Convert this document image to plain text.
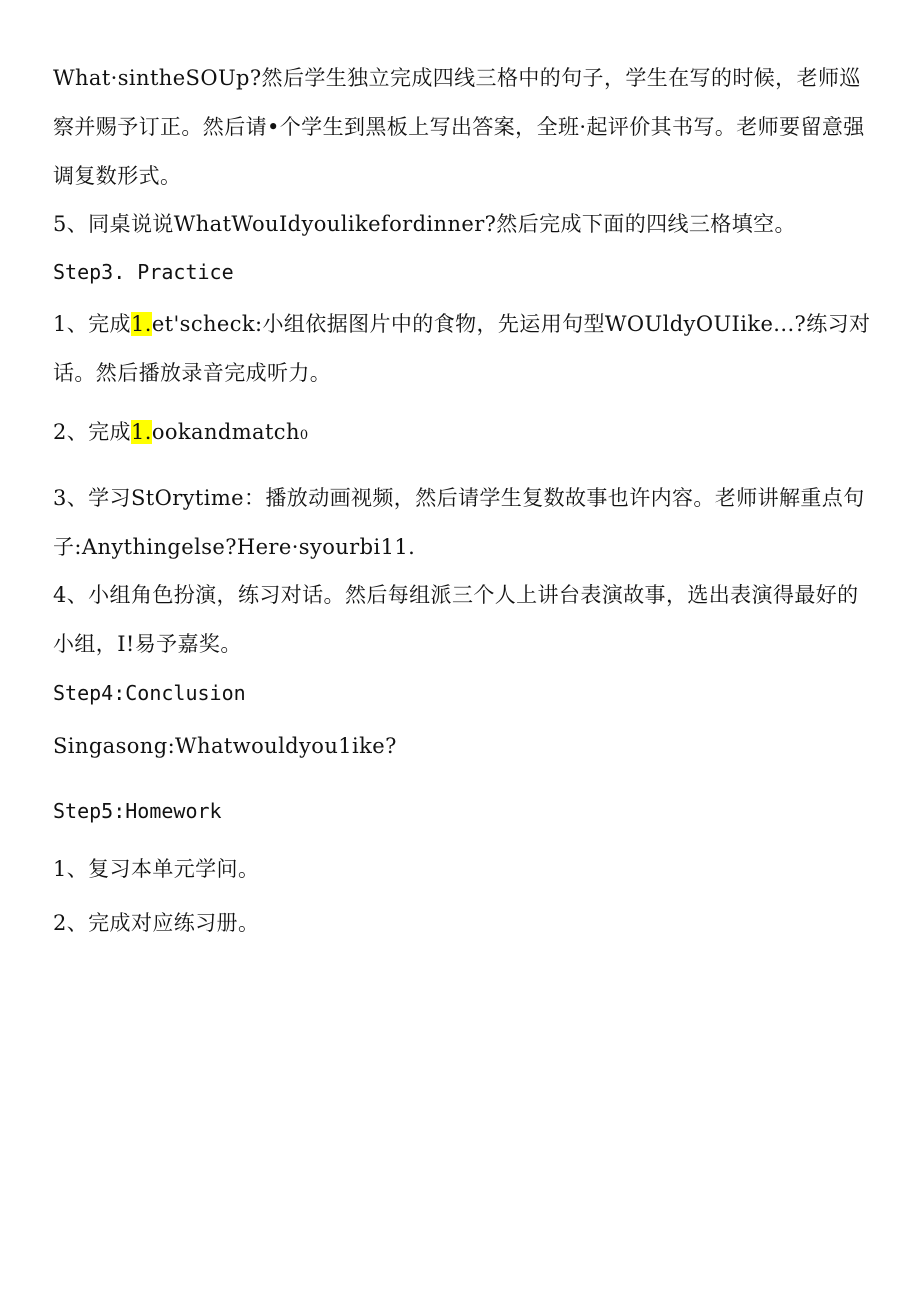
What·sintheSOUp?然后学生独立完成四线三格中的句子，学生在写的时候，老师巡察并赐予订正。然后请•个学生到黑板上写出答案，全班·起评价其书写。老师要留意强调复数形式。

5、同桌说说WhatWouIdyoulikefordinner?然后完成下面的四线三格填空。

Step3. Practice

1、完成1.et'scheck:小组依据图片中的食物，先运用句型WOUldyOUIike...?练习对话。然后播放录音完成听力。

2、完成1.ookandmatch0

3、学习StOrytime：播放动画视频，然后请学生复数故事也许内容。老师讲解重点句子:Anythingelse?Here·syourbi11.

4、小组角色扮演，练习对话。然后每组派三个人上讲台表演故事，选出表演得最好的小组，I!易予嘉奖。

Step4:Conclusion

Singasong:Whatwouldyou1ike?

Step5:Homework

1、复习本单元学问。

2、完成对应练习册。
